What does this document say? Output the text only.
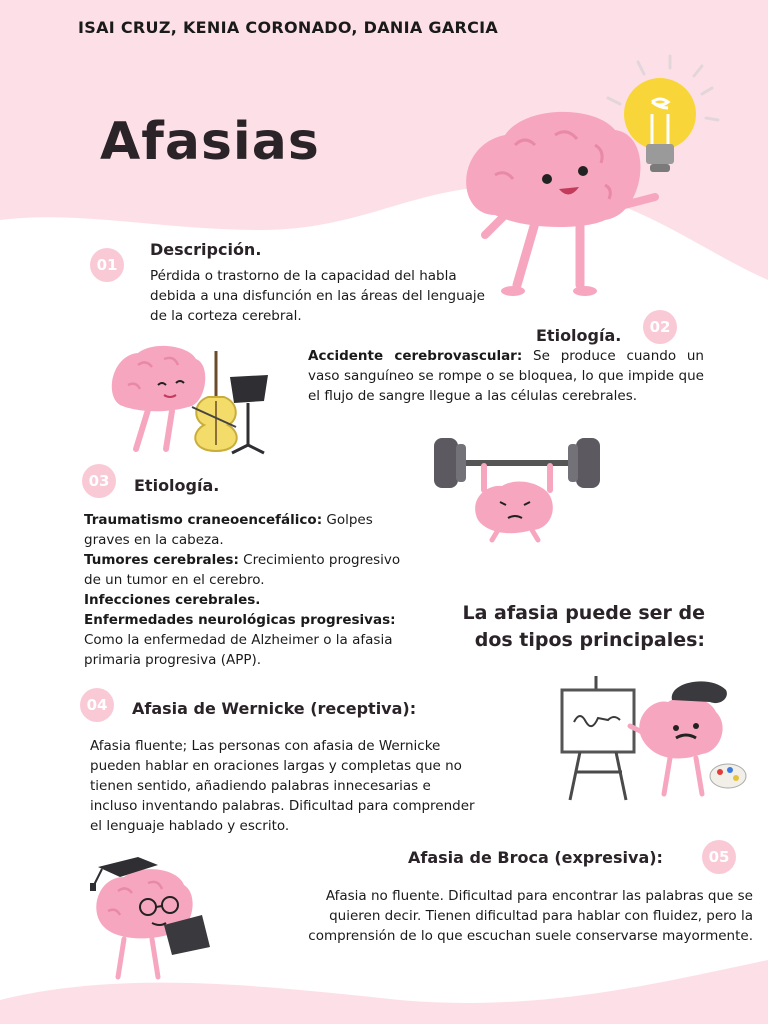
ISAI CRUZ, KENIA CORONADO, DANIA GARCIA
Afasias
01
Descripción.
Pérdida o trastorno de la capacidad del habla debida a una disfunción en las áreas del lenguaje de la corteza cerebral.
Etiología.	02
Accidente cerebrovascular: Se produce cuando un vaso sanguíneo se rompe o se bloquea, lo que impide que el flujo de sangre llegue a las células cerebrales.
03	Etiología.
Traumatismo craneoencefálico: Golpes graves en la cabeza.
Tumores cerebrales: Crecimiento progresivo de un tumor en el cerebro.
Infecciones cerebrales.
Enfermedades neurológicas progresivas: Como la enfermedad de Alzheimer o la afasia primaria progresiva (APP).
La afasia puede ser de dos tipos principales:
04	Afasia de Wernicke (receptiva):
Afasia fluente; Las personas con afasia de Wernicke pueden hablar en oraciones largas y completas que no tienen sentido, añadiendo palabras innecesarias e incluso inventando palabras. Dificultad para comprender el lenguaje hablado y escrito.
Afasia de Broca (expresiva):	05
Afasia no fluente. Dificultad para encontrar las palabras que se quieren decir. Tienen dificultad para hablar con fluidez, pero la comprensión de lo que escuchan suele conservarse mayormente.
